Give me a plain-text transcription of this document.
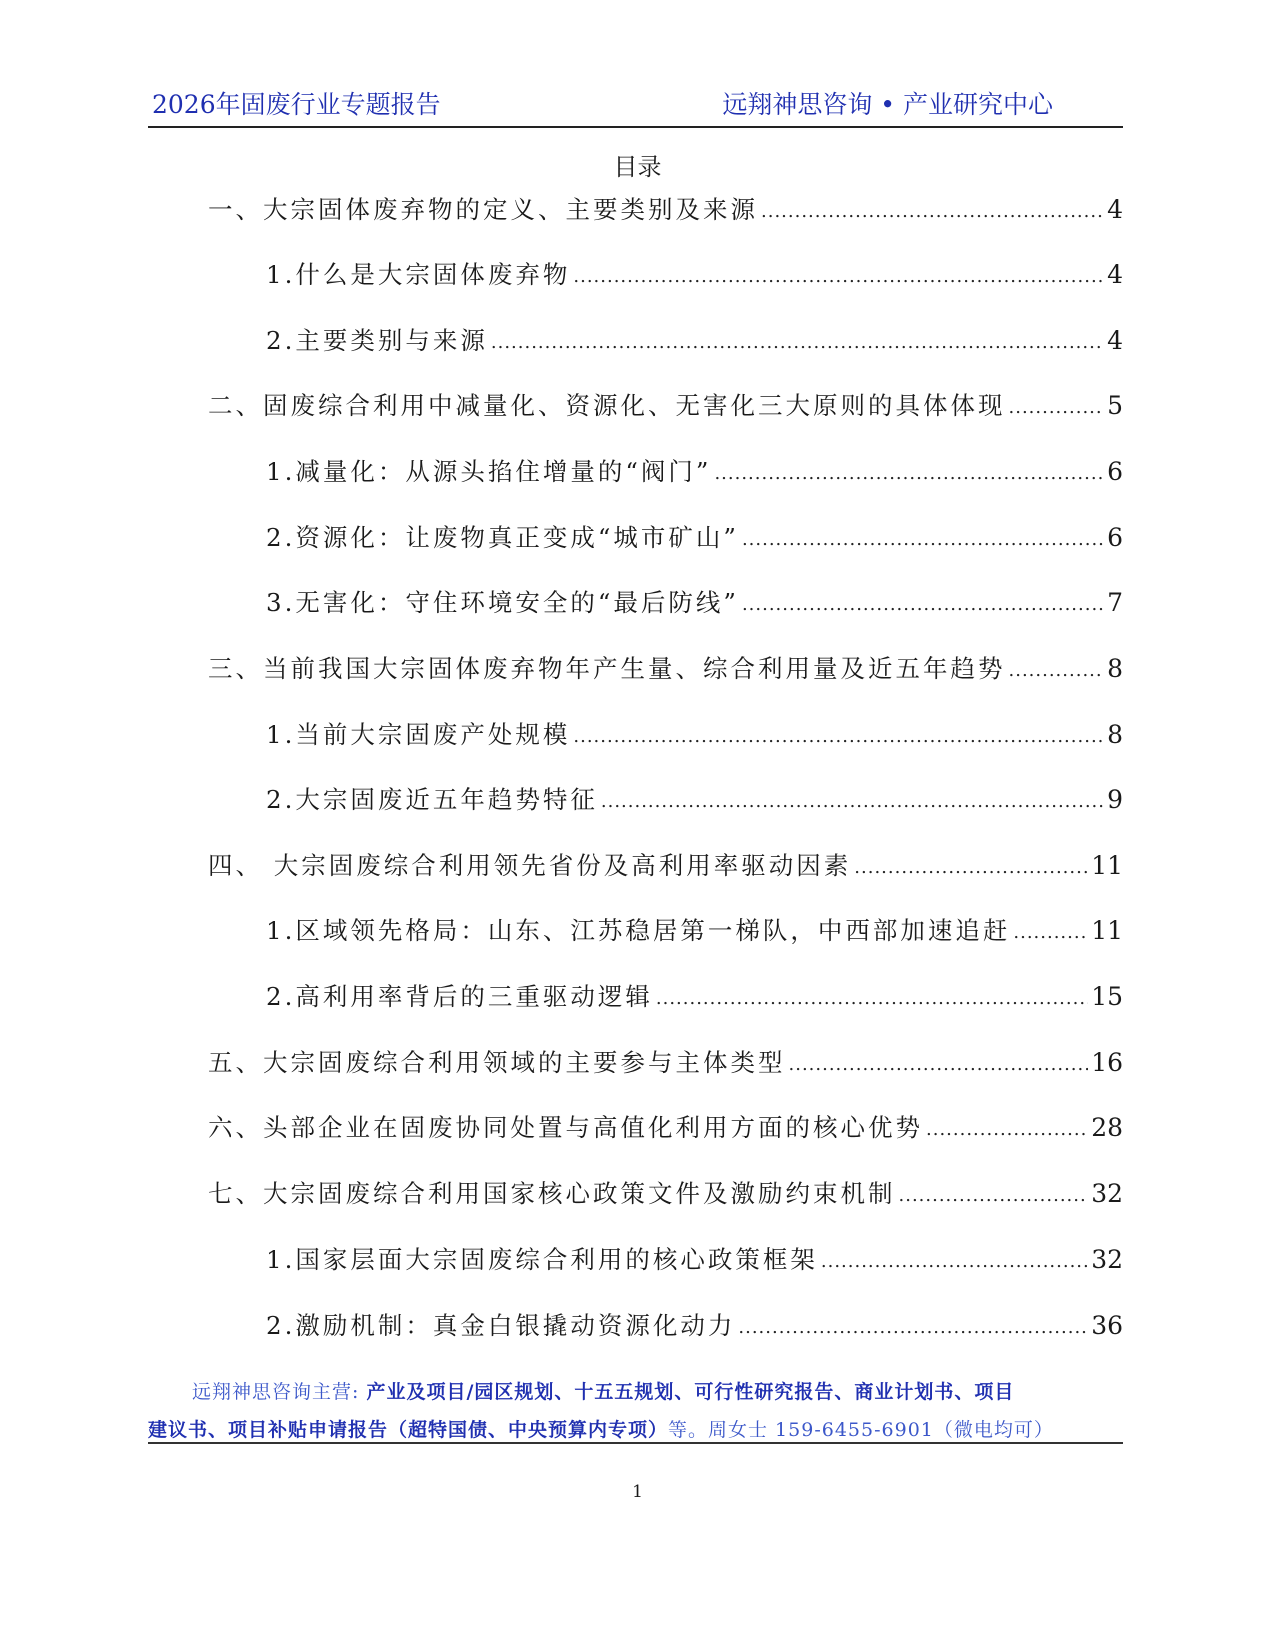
2026年固废行业专题报告	远翔神思咨询 • 产业研究中心
目录
一、大宗固体废弃物的定义、主要类别及来源 .....	4
1.什么是大宗固体废弃物 .....	4
2.主要类别与来源 .....	4
二、固废综合利用中减量化、资源化、无害化三大原则的具体体现 .....	5
1.减量化：从源头掐住增量的“阀门” .....	6
2.资源化：让废物真正变成“城市矿山” .....	6
3.无害化：守住环境安全的“最后防线” .....	7
三、当前我国大宗固体废弃物年产生量、综合利用量及近五年趋势 .....	8
1.当前大宗固废产处规模 .....	8
2.大宗固废近五年趋势特征 .....	9
四、 大宗固废综合利用领先省份及高利用率驱动因素 .....	11
1.区域领先格局：山东、江苏稳居第一梯队，中西部加速追赶 .....	11
2.高利用率背后的三重驱动逻辑 .....	15
五、大宗固废综合利用领域的主要参与主体类型 .....	16
六、头部企业在固废协同处置与高值化利用方面的核心优势 .....	28
七、大宗固废综合利用国家核心政策文件及激励约束机制 .....	32
1.国家层面大宗固废综合利用的核心政策框架 .....	32
2.激励机制：真金白银撬动资源化动力 .....	36
远翔神思咨询主营: 产业及项目/园区规划、十五五规划、可行性研究报告、商业计划书、项目
建议书、项目补贴申请报告（超特国债、中央预算内专项）等。周女士 159-6455-6901（微电均可）
1
